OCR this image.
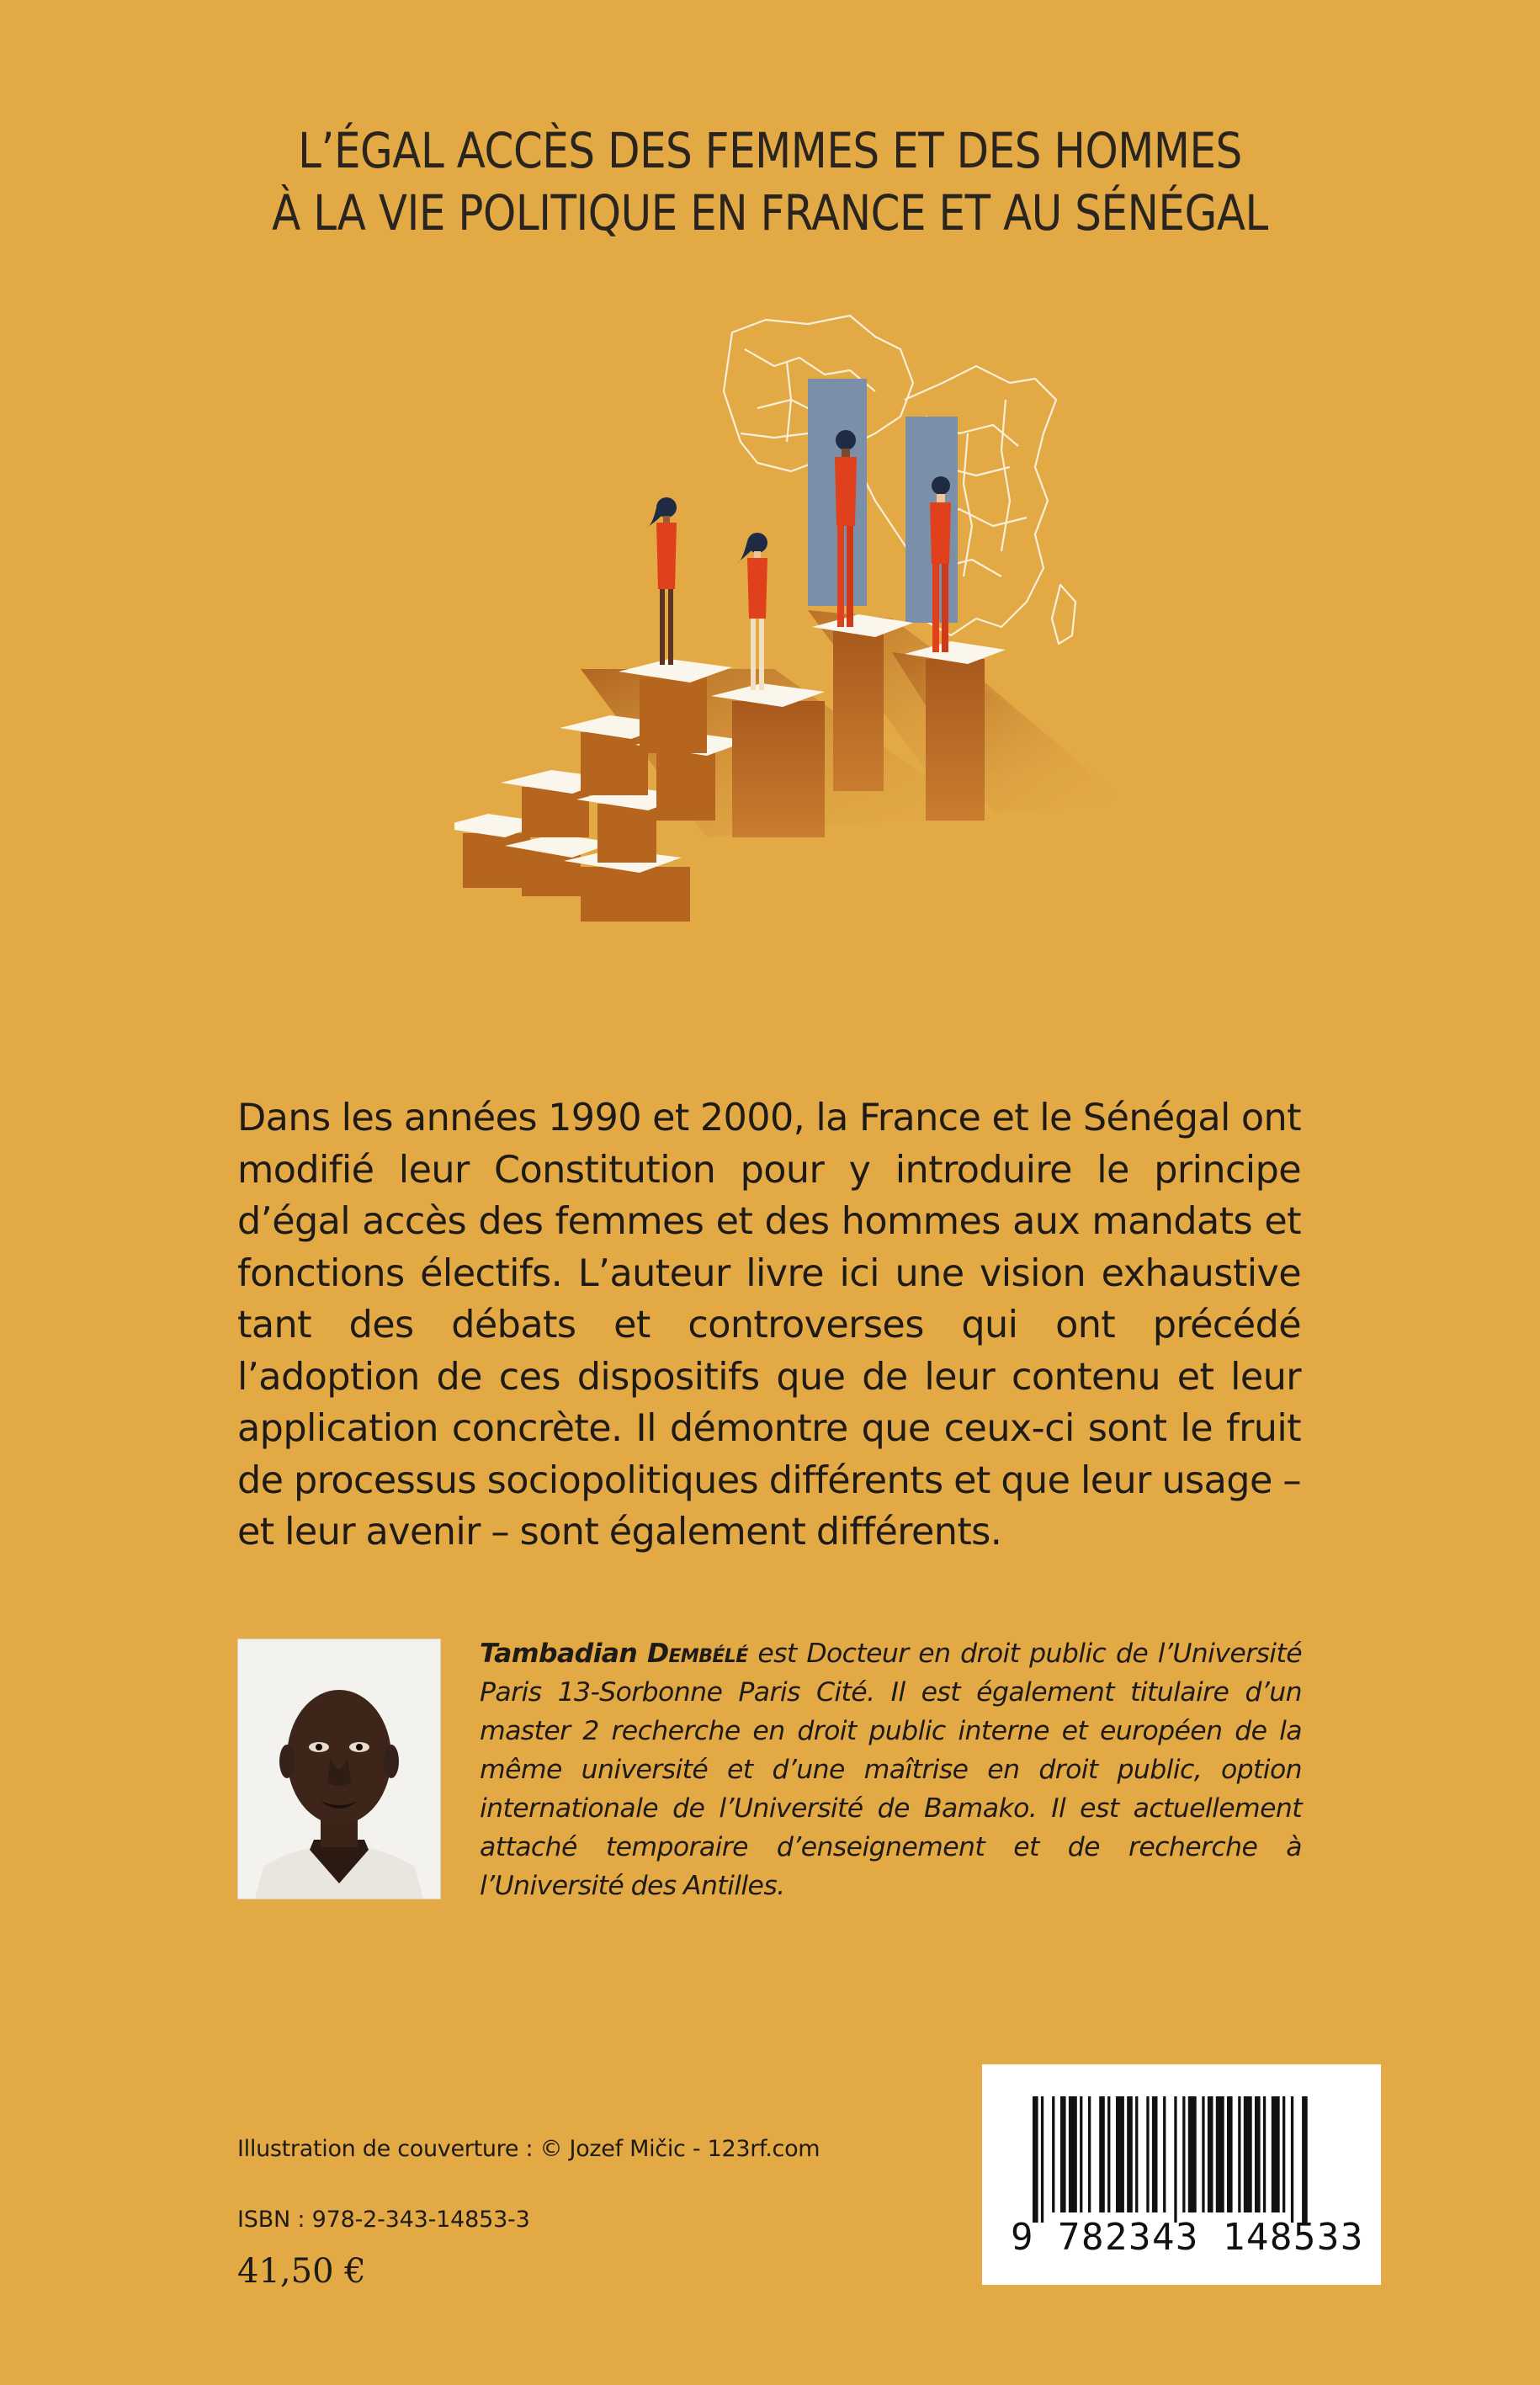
L’ÉGAL ACCÈS DES FEMMES ET DES HOMMES
À LA VIE POLITIQUE EN FRANCE ET AU SÉNÉGAL
Dans les années 1990 et 2000, la France et le Sénégal ont modifié leur Constitution pour y introduire le principe d’égal accès des femmes et des hommes aux mandats et fonctions électifs. L’auteur livre ici une vision exhaustive tant des débats et controverses qui ont précédé l’adoption de ces dispositifs que de leur contenu et leur application concrète. Il démontre que ceux-ci sont le fruit de processus sociopolitiques différents et que leur usage – et leur avenir – sont également différents.
Tambadian Dembélé est Docteur en droit public de l’Université Paris 13-Sorbonne Paris Cité. Il est également titulaire d’un master 2 recherche en droit public interne et européen de la même université et d’une maîtrise en droit public, option internationale de l’Université de Bamako. Il est actuellement attaché temporaire d’enseignement et de recherche à l’Université des Antilles.
Illustration de couverture : © Jozef Mičic - 123rf.com
ISBN : 978-2-343-14853-3
41,50 €
9 782343 148533
